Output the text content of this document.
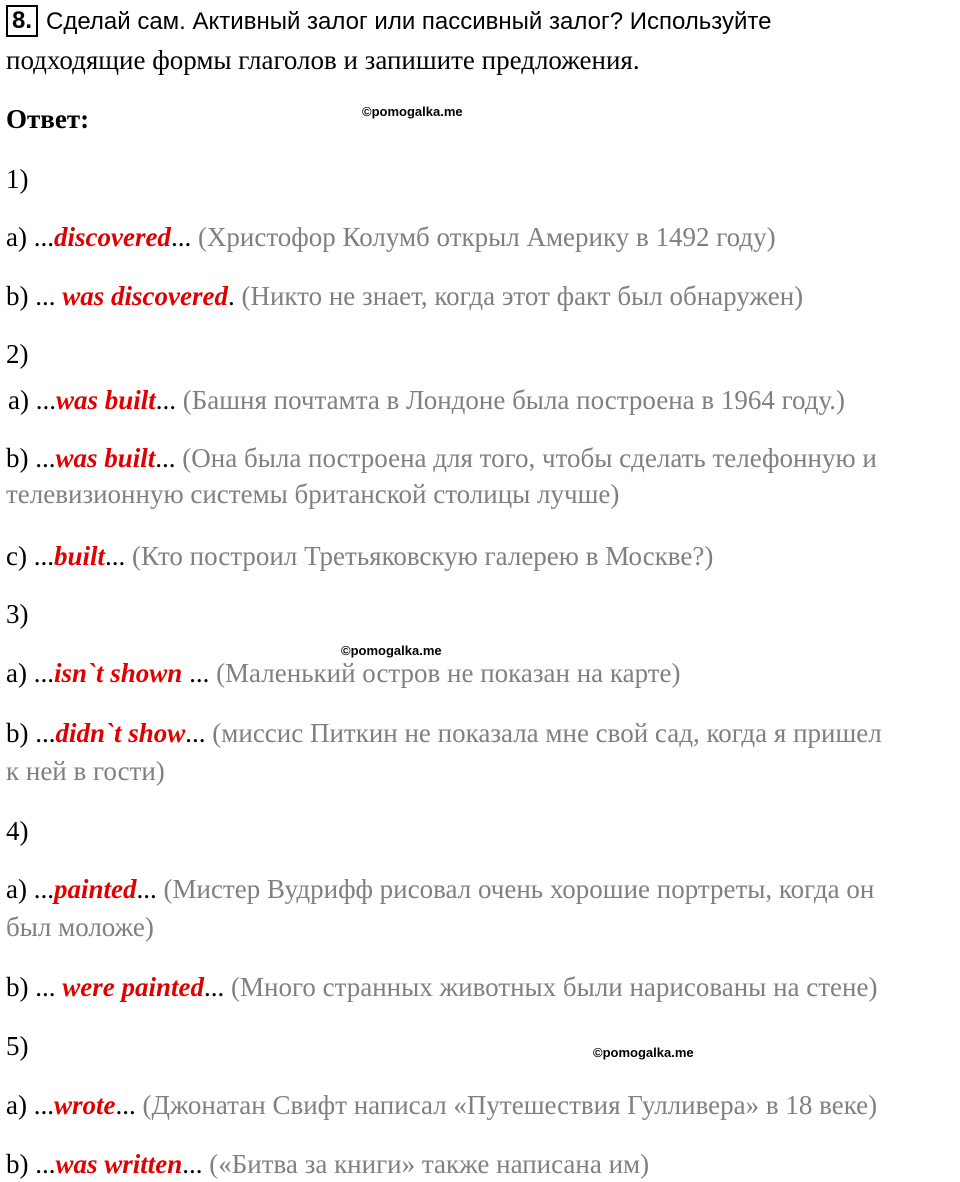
8. Сделай сам. Активный залог или пассивный залог? Используйте
подходящие формы глаголов и запишите предложения.
Ответ:	©pomogalka.me
1)
a) ...discovered... (Христофор Колумб открыл Америку в 1492 году)
b) ... was discovered. (Никто не знает, когда этот факт был обнаружен)
2)
a) ...was built... (Башня почтамта в Лондоне была построена в 1964 году.)
b) ...was built... (Она была построена для того, чтобы сделать телефонную и
телевизионную системы британской столицы лучше)
c) ...built... (Кто построил Третьяковскую галерею в Москве?)
3)
©pomogalka.me
a) ...isn`t shown ... (Маленький остров не показан на карте)
b) ...didn`t show... (миссис Питкин не показала мне свой сад, когда я пришел
к ней в гости)
4)
a) ...painted... (Мистер Вудрифф рисовал очень хорошие портреты, когда он
был моложе)
b) ... were painted... (Много странных животных были нарисованы на стене)
5)	©pomogalka.me
a) ...wrote... (Джонатан Свифт написал «Путешествия Гулливера» в 18 веке)
b) ...was written... («Битва за книги» также написана им)
